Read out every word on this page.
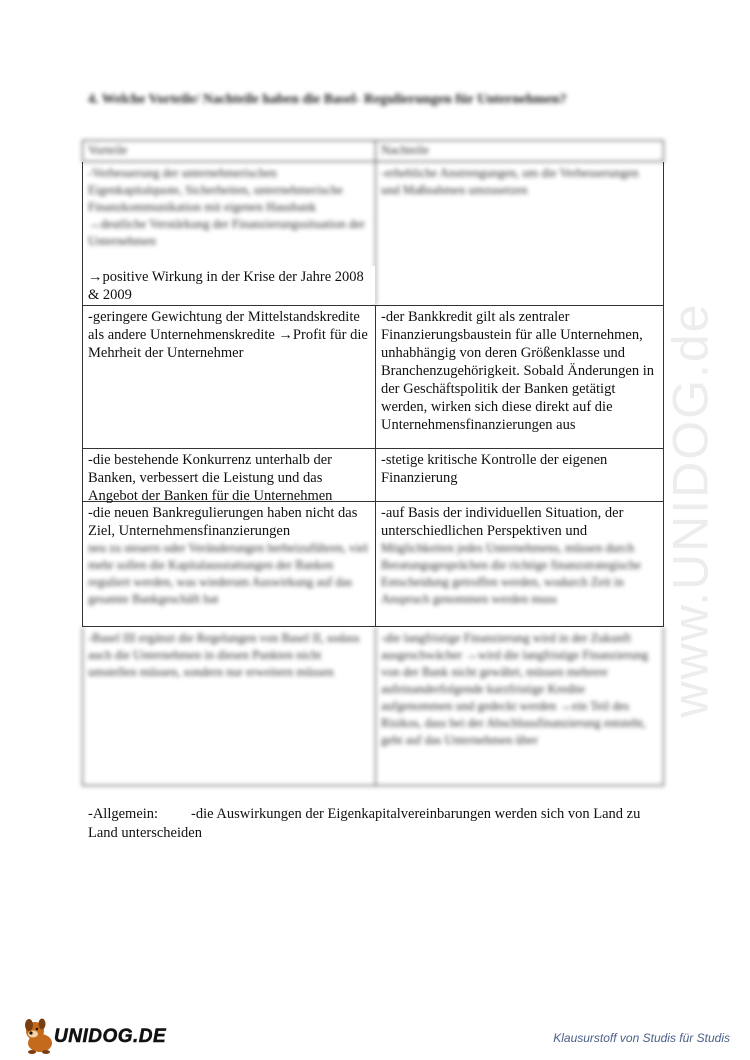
www.UNIDOG.de
4. Welche Vorteile/ Nachteile haben die Basel- Regulierungen für Unternehmen?
Vorteile	Nachteile
-Verbesserung der unternehmerischen Eigenkapitalquote, Sicherheiten, unternehmerische Finanzkommunikation mit eigenen Hausbank →deutliche Verstärkung der Finanzierungssituation der Unternehmen
-erhebliche Anstrengungen, um die Verbesserungen und Maßnahmen umzusetzen
-geringere Gewichtung der Mittelstandskredite als andere Unternehmenskredite →Profit für die Mehrheit der Unternehmer
-der Bankkredit gilt als zentraler Finanzierungsbaustein für alle Unternehmen, unhabhängig von deren Größenklasse und Branchenzugehörigkeit. Sobald Änderungen in der Geschäftspolitik der Banken getätigt werden, wirken sich diese direkt auf die Unternehmensfinanzierungen aus
-die bestehende Konkurrenz unterhalb der Banken, verbessert die Leistung und das Angebot der Banken für die Unternehmen
-stetige kritische Kontrolle der eigenen Finanzierung
-die neuen Bankregulierungen haben nicht das Ziel, Unternehmensfinanzierungen
neu zu steuern oder Veränderungen herbeizuführen, viel mehr sollen die Kapitalausstattungen der Banken reguliert werden, was wiederum Auswirkung auf das gesamte Bankgeschäft hat
-auf Basis der individuellen Situation, der unterschiedlichen Perspektiven und
Möglichkeiten jedes Unternehmens, müssen durch Beratungsgesprächen die richtige finanzstrategische Entscheidung getroffen werden, wodurch Zeit in Anspruch genommen werden muss
-Basel III ergänzt die Regelungen von Basel II, sodass auch die Unternehmen in diesen Punkten nicht umstellen müssen, sondern nur erweitern müssen
-die langfristige Finanzierung wird in der Zukunft ausgeschwächer →wird die langfristige Finanzierung von der Bank nicht gewährt, müssen mehrere aufeinanderfolgende kurzfristige Kredite aufgenommen und gedeckt werden →ein Teil des Risikos, dass bei der Abschlussfinanzierung entsteht, geht auf das Unternehmen über
→positive Wirkung in der Krise der Jahre 2008 & 2009
-Allgemein: -die Auswirkungen der Eigenkapitalvereinbarungen werden sich von Land zu Land unterscheiden
UNIDOG.DE	Klausurstoff von Studis für Studis
